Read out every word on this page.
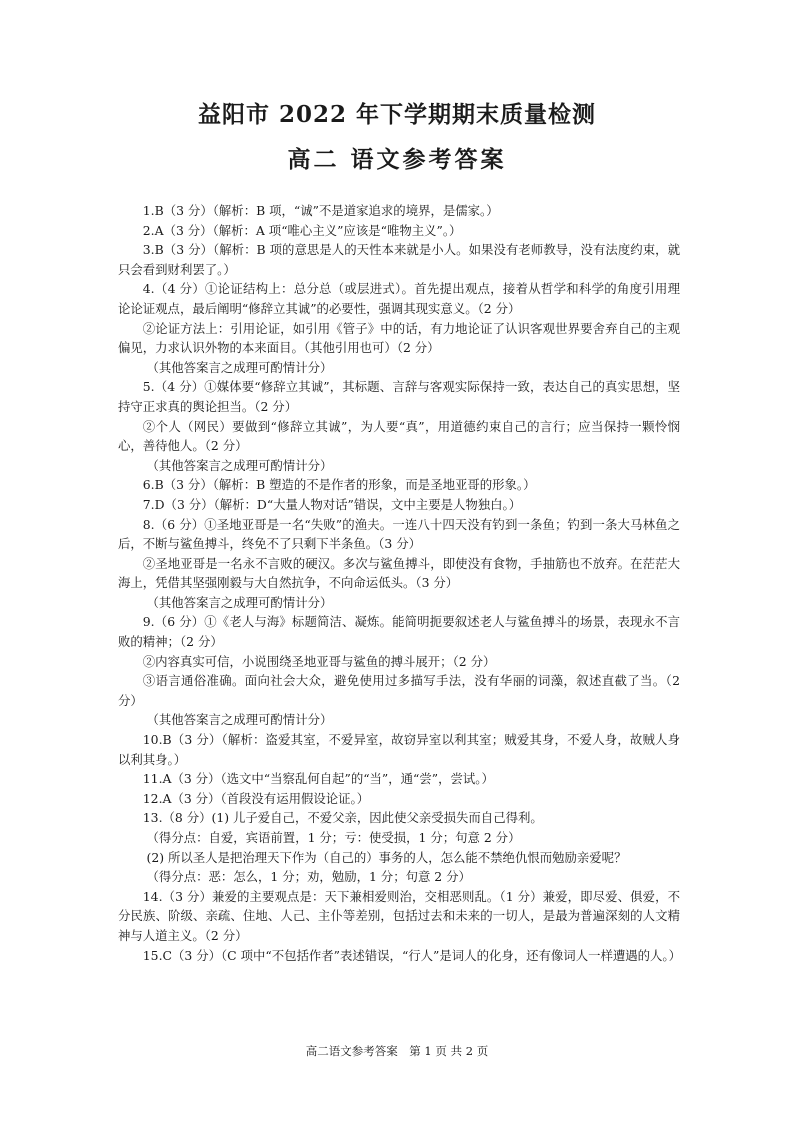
益阳市 2022 年下学期期末质量检测
高二 语文参考答案

1.B（3 分）（解析：B 项，“诚”不是道家追求的境界，是儒家。）

2.A（3 分）（解析：A 项“唯心主义”应该是“唯物主义”。）

3.B（3 分）（解析：B 项的意思是人的天性本来就是小人。如果没有老师教导，没有法度约束，就只会看到财利罢了。）

4.（4 分）①论证结构上：总分总（或层进式）。首先提出观点，接着从哲学和科学的角度引用理论论证观点，最后阐明“修辞立其诚”的必要性，强调其现实意义。（2 分）

②论证方法上：引用论证，如引用《管子》中的话，有力地论证了认识客观世界要舍弃自己的主观偏见，力求认识外物的本来面目。（其他引用也可）（2 分）

（其他答案言之成理可酌情计分）

5.（4 分）①媒体要“修辞立其诚”，其标题、言辞与客观实际保持一致，表达自己的真实思想，坚持守正求真的舆论担当。（2 分）

②个人（网民）要做到“修辞立其诚”，为人要“真”，用道德约束自己的言行；应当保持一颗怜悯心，善待他人。（2 分）

（其他答案言之成理可酌情计分）

6.B（3 分）（解析：B 塑造的不是作者的形象，而是圣地亚哥的形象。）

7.D（3 分）（解析：D“大量人物对话”错误，文中主要是人物独白。）

8.（6 分）①圣地亚哥是一名“失败”的渔夫。一连八十四天没有钓到一条鱼；钓到一条大马林鱼之后，不断与鲨鱼搏斗，终免不了只剩下半条鱼。（3 分）

②圣地亚哥是一名永不言败的硬汉。多次与鲨鱼搏斗，即使没有食物，手抽筋也不放弃。在茫茫大海上，凭借其坚强刚毅与大自然抗争，不向命运低头。（3 分）

（其他答案言之成理可酌情计分）

9.（6 分）①《老人与海》标题简洁、凝炼。能简明扼要叙述老人与鲨鱼搏斗的场景，表现永不言败的精神；（2 分）

②内容真实可信，小说围绕圣地亚哥与鲨鱼的搏斗展开；（2 分）

③语言通俗准确。面向社会大众，避免使用过多描写手法，没有华丽的词藻，叙述直截了当。（2 分）

（其他答案言之成理可酌情计分）

10.B（3 分）（解析：盗爱其室，不爱异室，故窃异室以利其室；贼爱其身，不爱人身，故贼人身以利其身。）

11.A（3 分）（选文中“当察乱何自起”的“当”，通“尝”，尝试。）

12.A（3 分）（首段没有运用假设论证。）

13.（8 分）(1) 儿子爱自己，不爱父亲，因此使父亲受损失而自己得利。

（得分点：自爱，宾语前置，1 分；亏：使受损，1 分；句意 2 分）

(2) 所以圣人是把治理天下作为（自己的）事务的人，怎么能不禁绝仇恨而勉励亲爱呢？

（得分点：恶：怎么，1 分；劝，勉励，1 分；句意 2 分）

14.（3 分）兼爱的主要观点是：天下兼相爱则治，交相恶则乱。（1 分）兼爱，即尽爱、俱爱，不分民族、阶级、亲疏、住地、人己、主仆等差别，包括过去和未来的一切人，是最为普遍深刻的人文精神与人道主义。（2 分）

15.C（3 分）（C 项中“不包括作者”表述错误，“行人”是词人的化身，还有像词人一样遭遇的人。）

高二语文参考答案　第 1 页 共 2 页
